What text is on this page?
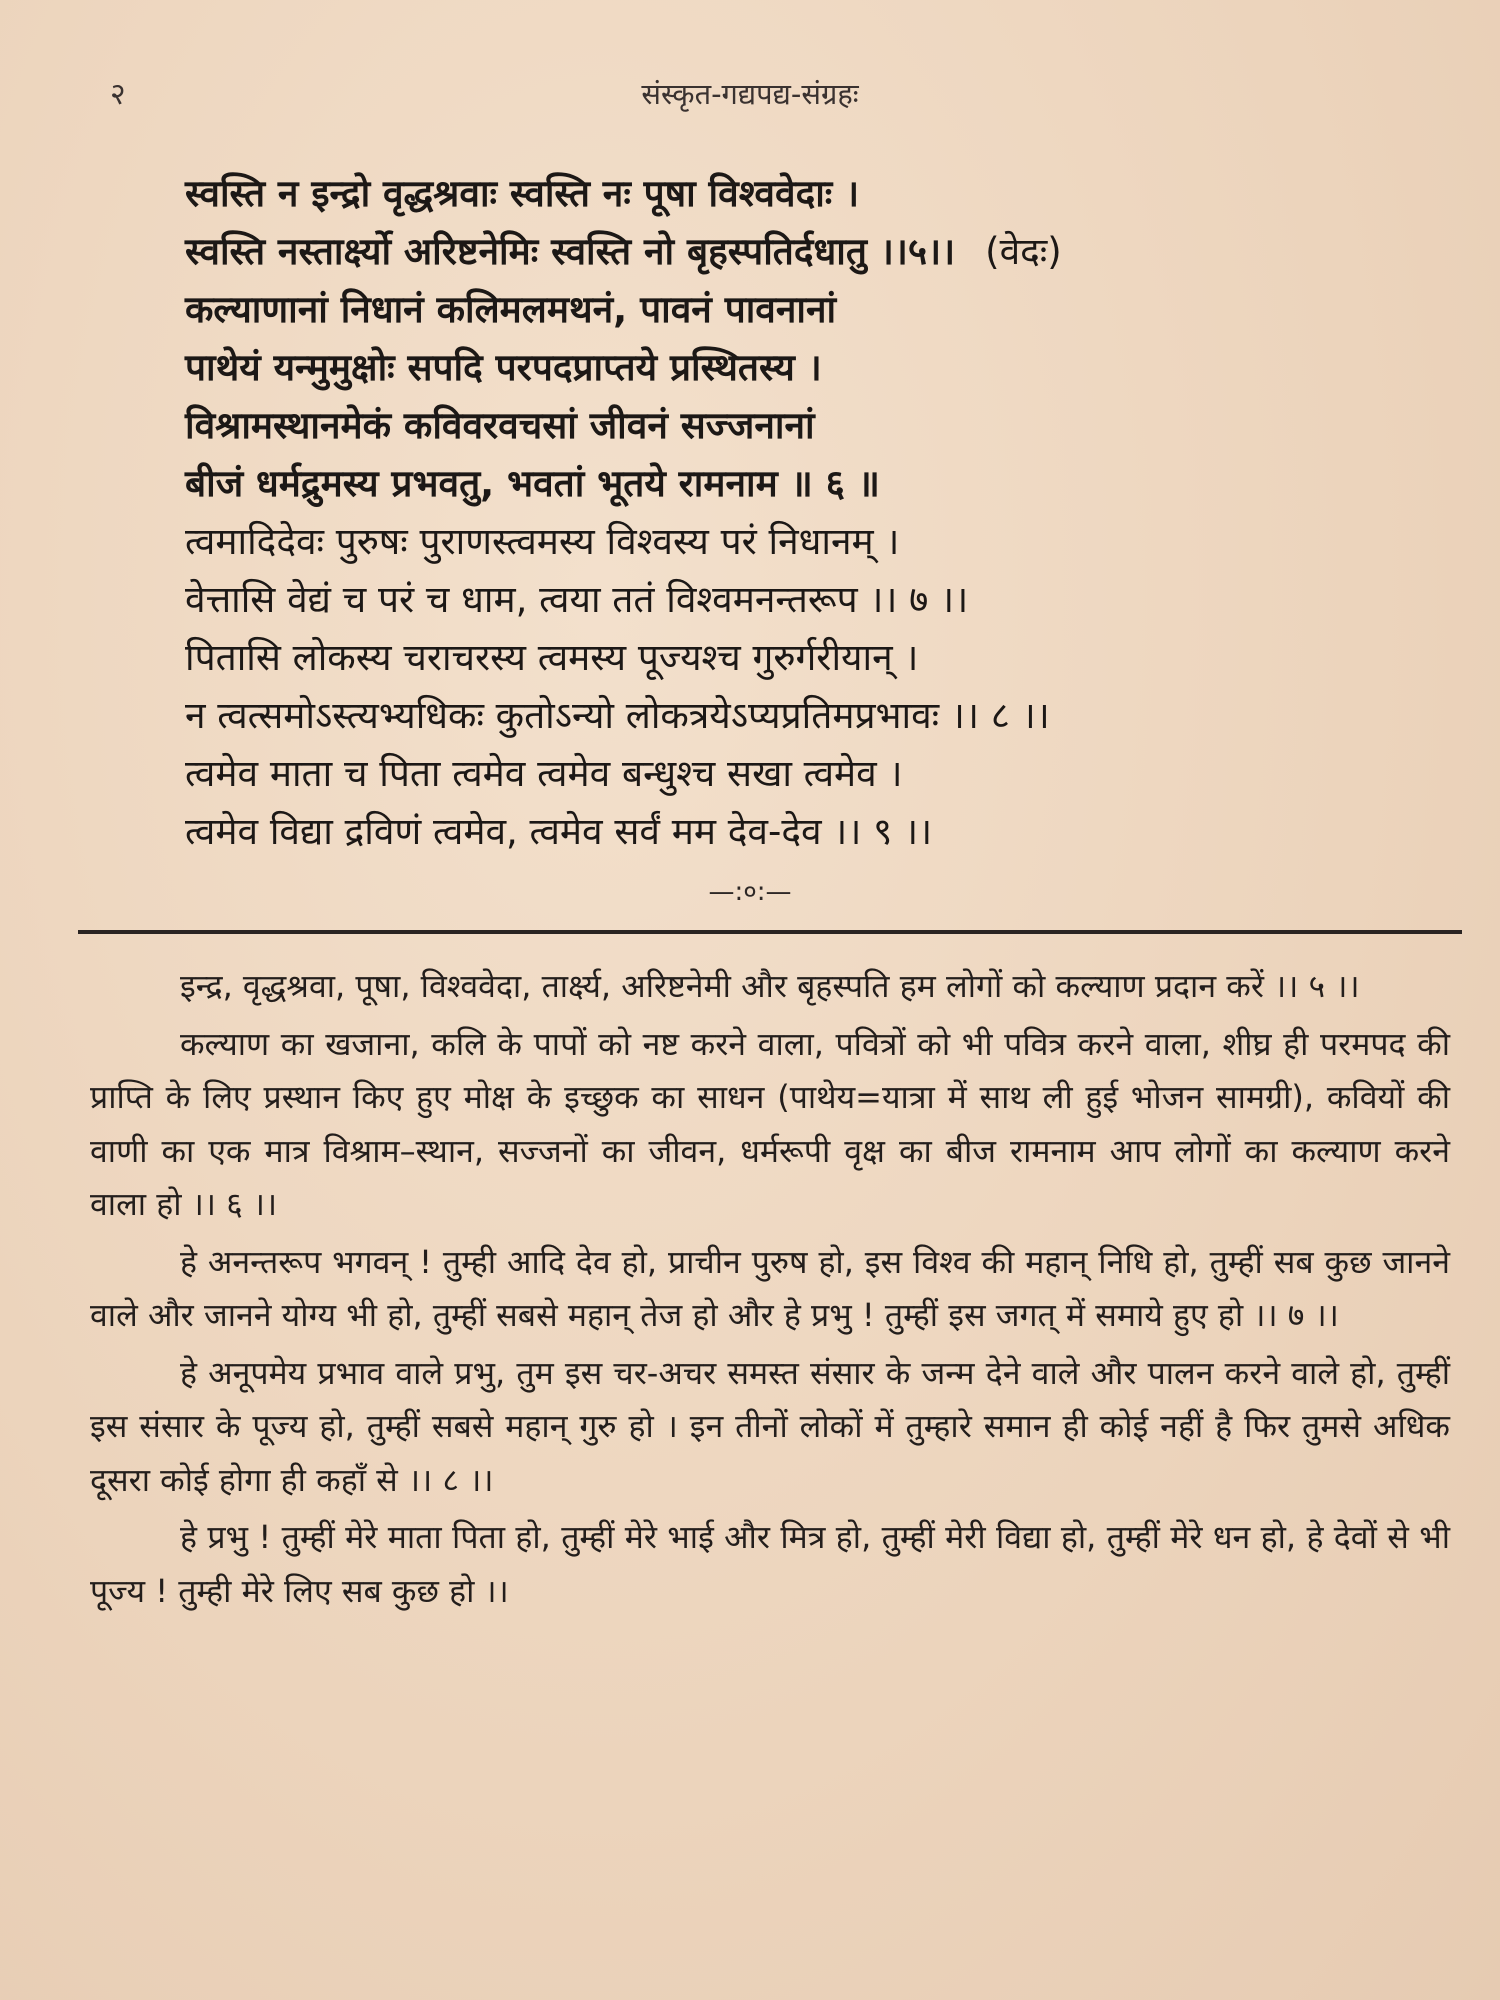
२	संस्कृत-गद्यपद्य-संग्रहः
स्वस्ति न इन्द्रो वृद्धश्रवाः स्वस्ति नः पूषा विश्ववेदाः ।
स्वस्ति नस्तार्क्ष्यो अरिष्टनेमिः स्वस्ति नो बृहस्पतिर्दधातु ।।५।। (वेदः)
कल्याणानां निधानं कलिमलमथनं, पावनं पावनानां
पाथेयं यन्मुमुक्षोः सपदि परपदप्राप्तये प्रस्थितस्य ।
विश्रामस्थानमेकं कविवरवचसां जीवनं सज्जनानां
बीजं धर्मद्रुमस्य प्रभवतु, भवतां भूतये रामनाम ॥ ६ ॥
त्वमादिदेवः पुरुषः पुराणस्त्वमस्य विश्वस्य परं निधानम् ।
वेत्तासि वेद्यं च परं च धाम, त्वया ततं विश्वमनन्तरूप ।। ७ ।।
पितासि लोकस्य चराचरस्य त्वमस्य पूज्यश्च गुरुर्गरीयान् ।
न त्वत्समोऽस्त्यभ्यधिकः कुतोऽन्यो लोकत्रयेऽप्यप्रतिमप्रभावः ।। ८ ।।
त्वमेव माता च पिता त्वमेव त्वमेव बन्धुश्च सखा त्वमेव ।
त्वमेव विद्या द्रविणं त्वमेव, त्वमेव सर्वं मम देव-देव ।। ९ ।।
—:०:—

इन्द्र, वृद्धश्रवा, पूषा, विश्ववेदा, तार्क्ष्य, अरिष्टनेमी और बृहस्पति हम लोगों को कल्याण प्रदान करें ।। ५ ।।

कल्याण का खजाना, कलि के पापों को नष्ट करने वाला, पवित्रों को भी पवित्र करने वाला, शीघ्र ही परमपद की प्राप्ति के लिए प्रस्थान किए हुए मोक्ष के इच्छुक का साधन (पाथेय=यात्रा में साथ ली हुई भोजन सामग्री), कवियों की वाणी का एक मात्र विश्राम–स्थान, सज्जनों का जीवन, धर्मरूपी वृक्ष का बीज रामनाम आप लोगों का कल्याण करने वाला हो ।। ६ ।।

हे अनन्तरूप भगवन् ! तुम्ही आदि देव हो, प्राचीन पुरुष हो, इस विश्व की महान् निधि हो, तुम्हीं सब कुछ जानने वाले और जानने योग्य भी हो, तुम्हीं सबसे महान् तेज हो और हे प्रभु ! तुम्हीं इस जगत् में समाये हुए हो ।। ७ ।।

हे अनूपमेय प्रभाव वाले प्रभु, तुम इस चर-अचर समस्त संसार के जन्म देने वाले और पालन करने वाले हो, तुम्हीं इस संसार के पूज्य हो, तुम्हीं सबसे महान् गुरु हो । इन तीनों लोकों में तुम्हारे समान ही कोई नहीं है फिर तुमसे अधिक दूसरा कोई होगा ही कहाँ से ।। ८ ।।

हे प्रभु ! तुम्हीं मेरे माता पिता हो, तुम्हीं मेरे भाई और मित्र हो, तुम्हीं मेरी विद्या हो, तुम्हीं मेरे धन हो, हे देवों से भी पूज्य ! तुम्ही मेरे लिए सब कुछ हो ।।
